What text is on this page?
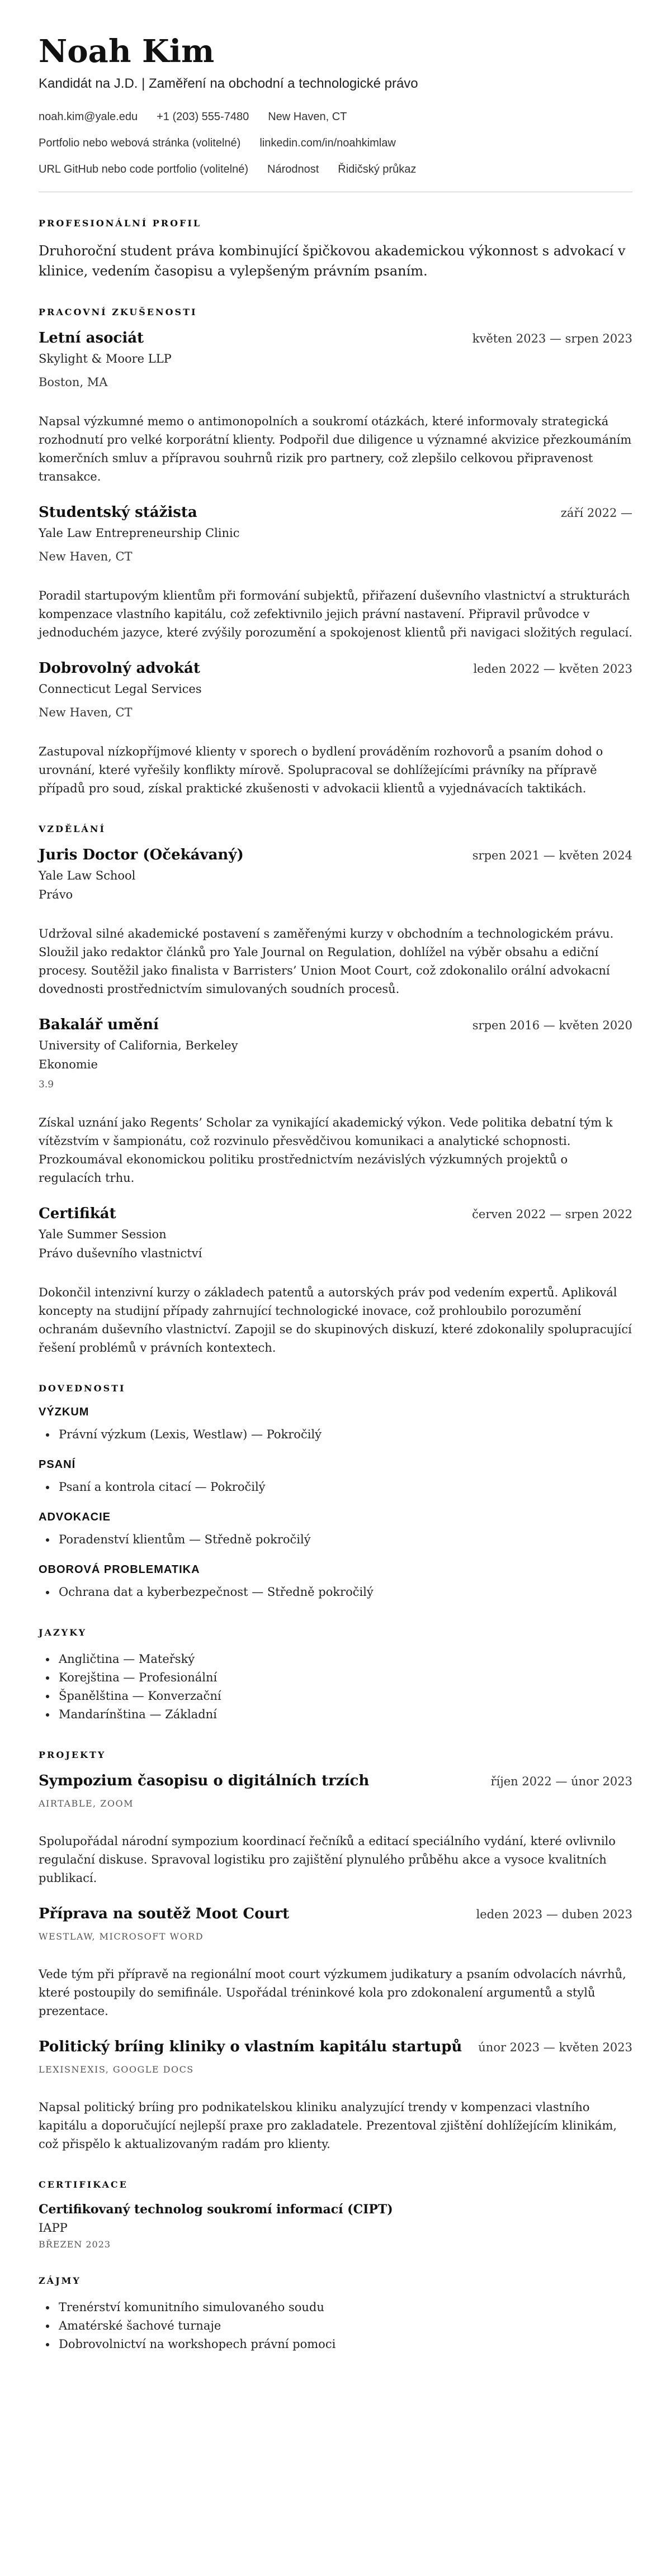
Noah Kim
Kandidát na J.D. | Zaměření na obchodní a technologické právo
noah.kim@yale.edu +1 (203) 555-7480 New Haven, CT
Portfolio nebo webová stránka (volitelné) linkedin.com/in/noahkimlaw
URL GitHub nebo code portfolio (volitelné) Národnost Řidičský průkaz
PROFESIONÁLNÍ PROFIL
Druhoroční student práva kombinující špičkovou akademickou výkonnost s advokací v klinice, vedením časopisu a vylepšeným právním psaním.
PRACOVNÍ ZKUŠENOSTI
Letní asociát	květen 2023 — srpen 2023
Skylight & Moore LLP
Boston, MA
Napsal výzkumné memo o antimonopolních a soukromí otázkách, které informovaly strategická rozhodnutí pro velké korporátní klienty. Podpořil due diligence u významné akvizice přezkoumáním komerčních smluv a přípravou souhrnů rizik pro partnery, což zlepšilo celkovou připravenost transakce.
Studentský stážista	září 2022 —
Yale Law Entrepreneurship Clinic
New Haven, CT
Poradil startupovým klientům při formování subjektů, přiřazení duševního vlastnictví a strukturách kompenzace vlastního kapitálu, což zefektivnilo jejich právní nastavení. Připravil průvodce v jednoduchém jazyce, které zvýšily porozumění a spokojenost klientů při navigaci složitých regulací.
Dobrovolný advokát	leden 2022 — květen 2023
Connecticut Legal Services
New Haven, CT
Zastupoval nízkopříjmové klienty v sporech o bydlení prováděním rozhovorů a psaním dohod o urovnání, které vyřešily konflikty mírově. Spolupracoval se dohlížejícími právníky na přípravě případů pro soud, získal praktické zkušenosti v advokacii klientů a vyjednávacích taktikách.
VZDĚLÁNÍ
Juris Doctor (Očekávaný)	srpen 2021 — květen 2024
Yale Law School
Právo
Udržoval silné akademické postavení s zaměřenými kurzy v obchodním a technologickém právu. Sloužil jako redaktor článků pro Yale Journal on Regulation, dohlížel na výběr obsahu a ediční procesy. Soutěžil jako finalista v Barristers’ Union Moot Court, což zdokonalilo orální advokacní dovednosti prostřednictvím simulovaných soudních procesů.
Bakalář umění	srpen 2016 — květen 2020
University of California, Berkeley
Ekonomie
3.9
Získal uznání jako Regents’ Scholar za vynikající akademický výkon. Vede politika debatní tým k vítězstvím v šampionátu, což rozvinulo přesvědčivou komunikaci a analytické schopnosti. Prozkoumával ekonomickou politiku prostřednictvím nezávislých výzkumných projektů o regulacích trhu.
Certifikát	červen 2022 — srpen 2022
Yale Summer Session
Právo duševního vlastnictví
Dokončil intenzivní kurzy o základech patentů a autorských práv pod vedením expertů. Aplikovál koncepty na studijní případy zahrnující technologické inovace, což prohloubilo porozumění ochranám duševního vlastnictví. Zapojil se do skupinových diskuzí, které zdokonalily spolupracující řešení problémů v právních kontextech.
DOVEDNOSTI
VÝZKUM
• Právní výzkum (Lexis, Westlaw) — Pokročilý
PSANÍ
• Psaní a kontrola citací — Pokročilý
ADVOKACIE
• Poradenství klientům — Středně pokročilý
OBOROVÁ PROBLEMATIKA
• Ochrana dat a kyberbezpečnost — Středně pokročilý
JAZYKY
• Angličtina — Mateřský
• Korejština — Profesionální
• Španělština — Konverzační
• Mandarínština — Základní
PROJEKTY
Sympozium časopisu o digitálních trzích	říjen 2022 — únor 2023
AIRTABLE, ZOOM
Spolupořádal národní sympozium koordinací řečníků a editací speciálního vydání, které ovlivnilo regulační diskuse. Spravoval logistiku pro zajištění plynulého průběhu akce a vysoce kvalitních publikací.
Příprava na soutěž Moot Court	leden 2023 — duben 2023
WESTLAW, MICROSOFT WORD
Vede tým při přípravě na regionální moot court výzkumem judikatury a psaním odvolacích návrhů, které postoupily do semifinále. Uspořádal tréninkové kola pro zdokonalení argumentů a stylů prezentace.
Politický bríing kliniky o vlastním kapitálu startupů únor 2023 — květen 2023
LEXISNEXIS, GOOGLE DOCS
Napsal politický bríing pro podnikatelskou kliniku analyzující trendy v kompenzaci vlastního kapitálu a doporučující nejlepší praxe pro zakladatele. Prezentoval zjištění dohlížejícím klinikám, což přispělo k aktualizovaným radám pro klienty.
CERTIFIKACE
Certifikovaný technolog soukromí informací (CIPT)
IAPP
BŘEZEN 2023
ZÁJMY
• Trenérství komunitního simulovaného soudu
• Amatérské šachové turnaje
• Dobrovolnictví na workshopech právní pomoci
